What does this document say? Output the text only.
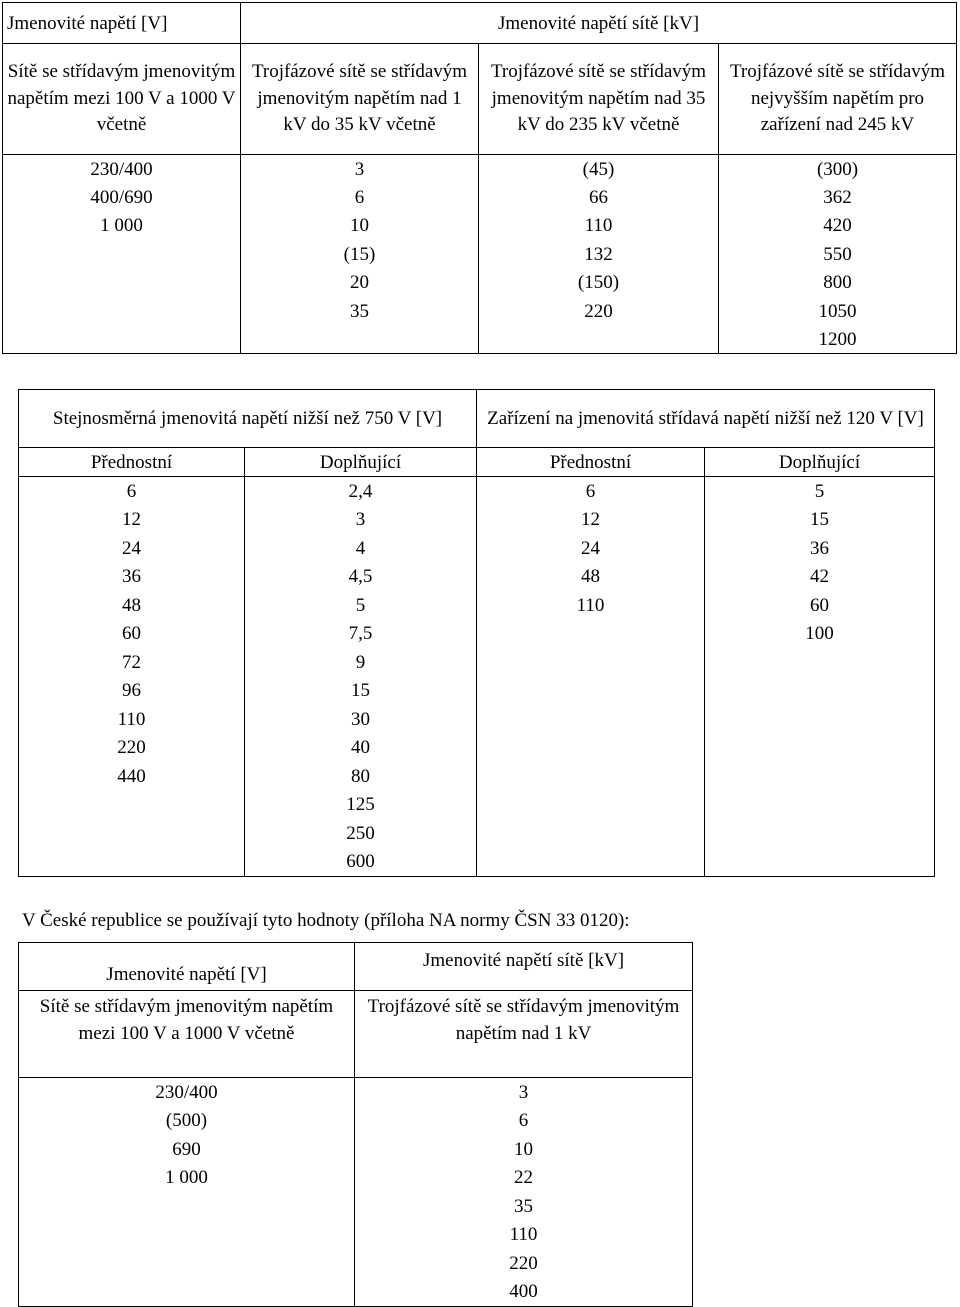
Jmenovité napětí [V]	Jmenovité napětí sítě [kV]		
Sítě se střídavým jmenovitým napětím mezi 100 V a 1000 V včetně	Trojfázové sítě se střídavým jmenovitým napětím nad 1 kV do 35 kV včetně	Trojfázové sítě se střídavým jmenovitým napětím nad 35 kV do 235 kV včetně	Trojfázové sítě se střídavým nejvyšším napětím pro zařízení nad 245 kV
230/400	3	(45)	(300)
400/690	6	66	362
1 000	10	110	420
	(15)	132	550
	20	(150)	800
	35	220	1050
			1200
Stejnosměrná jmenovitá napětí nižší než 750 V [V]		Zařízení na jmenovitá střídavá napětí nižší než 120 V [V]	
Přednostní	Doplňující	Přednostní	Doplňující
6	2,4	6	5
12	3	12	15
24	4	24	36
36	4,5	48	42
48	5	110	60
60	7,5		100
72	9		
96	15		
110	30		
220	40		
440	80		
	125		
	250		
	600		
V České republice se používají tyto hodnoty (příloha NA normy ČSN 33 0120):
Jmenovité napětí [V]	Jmenovité napětí sítě [kV]
Sítě se střídavým jmenovitým napětím mezi 100 V a 1000 V včetně	Trojfázové sítě se střídavým jmenovitým napětím nad 1 kV
230/400	3
(500)	6
690	10
1 000	22
	35
	110
	220
	400
